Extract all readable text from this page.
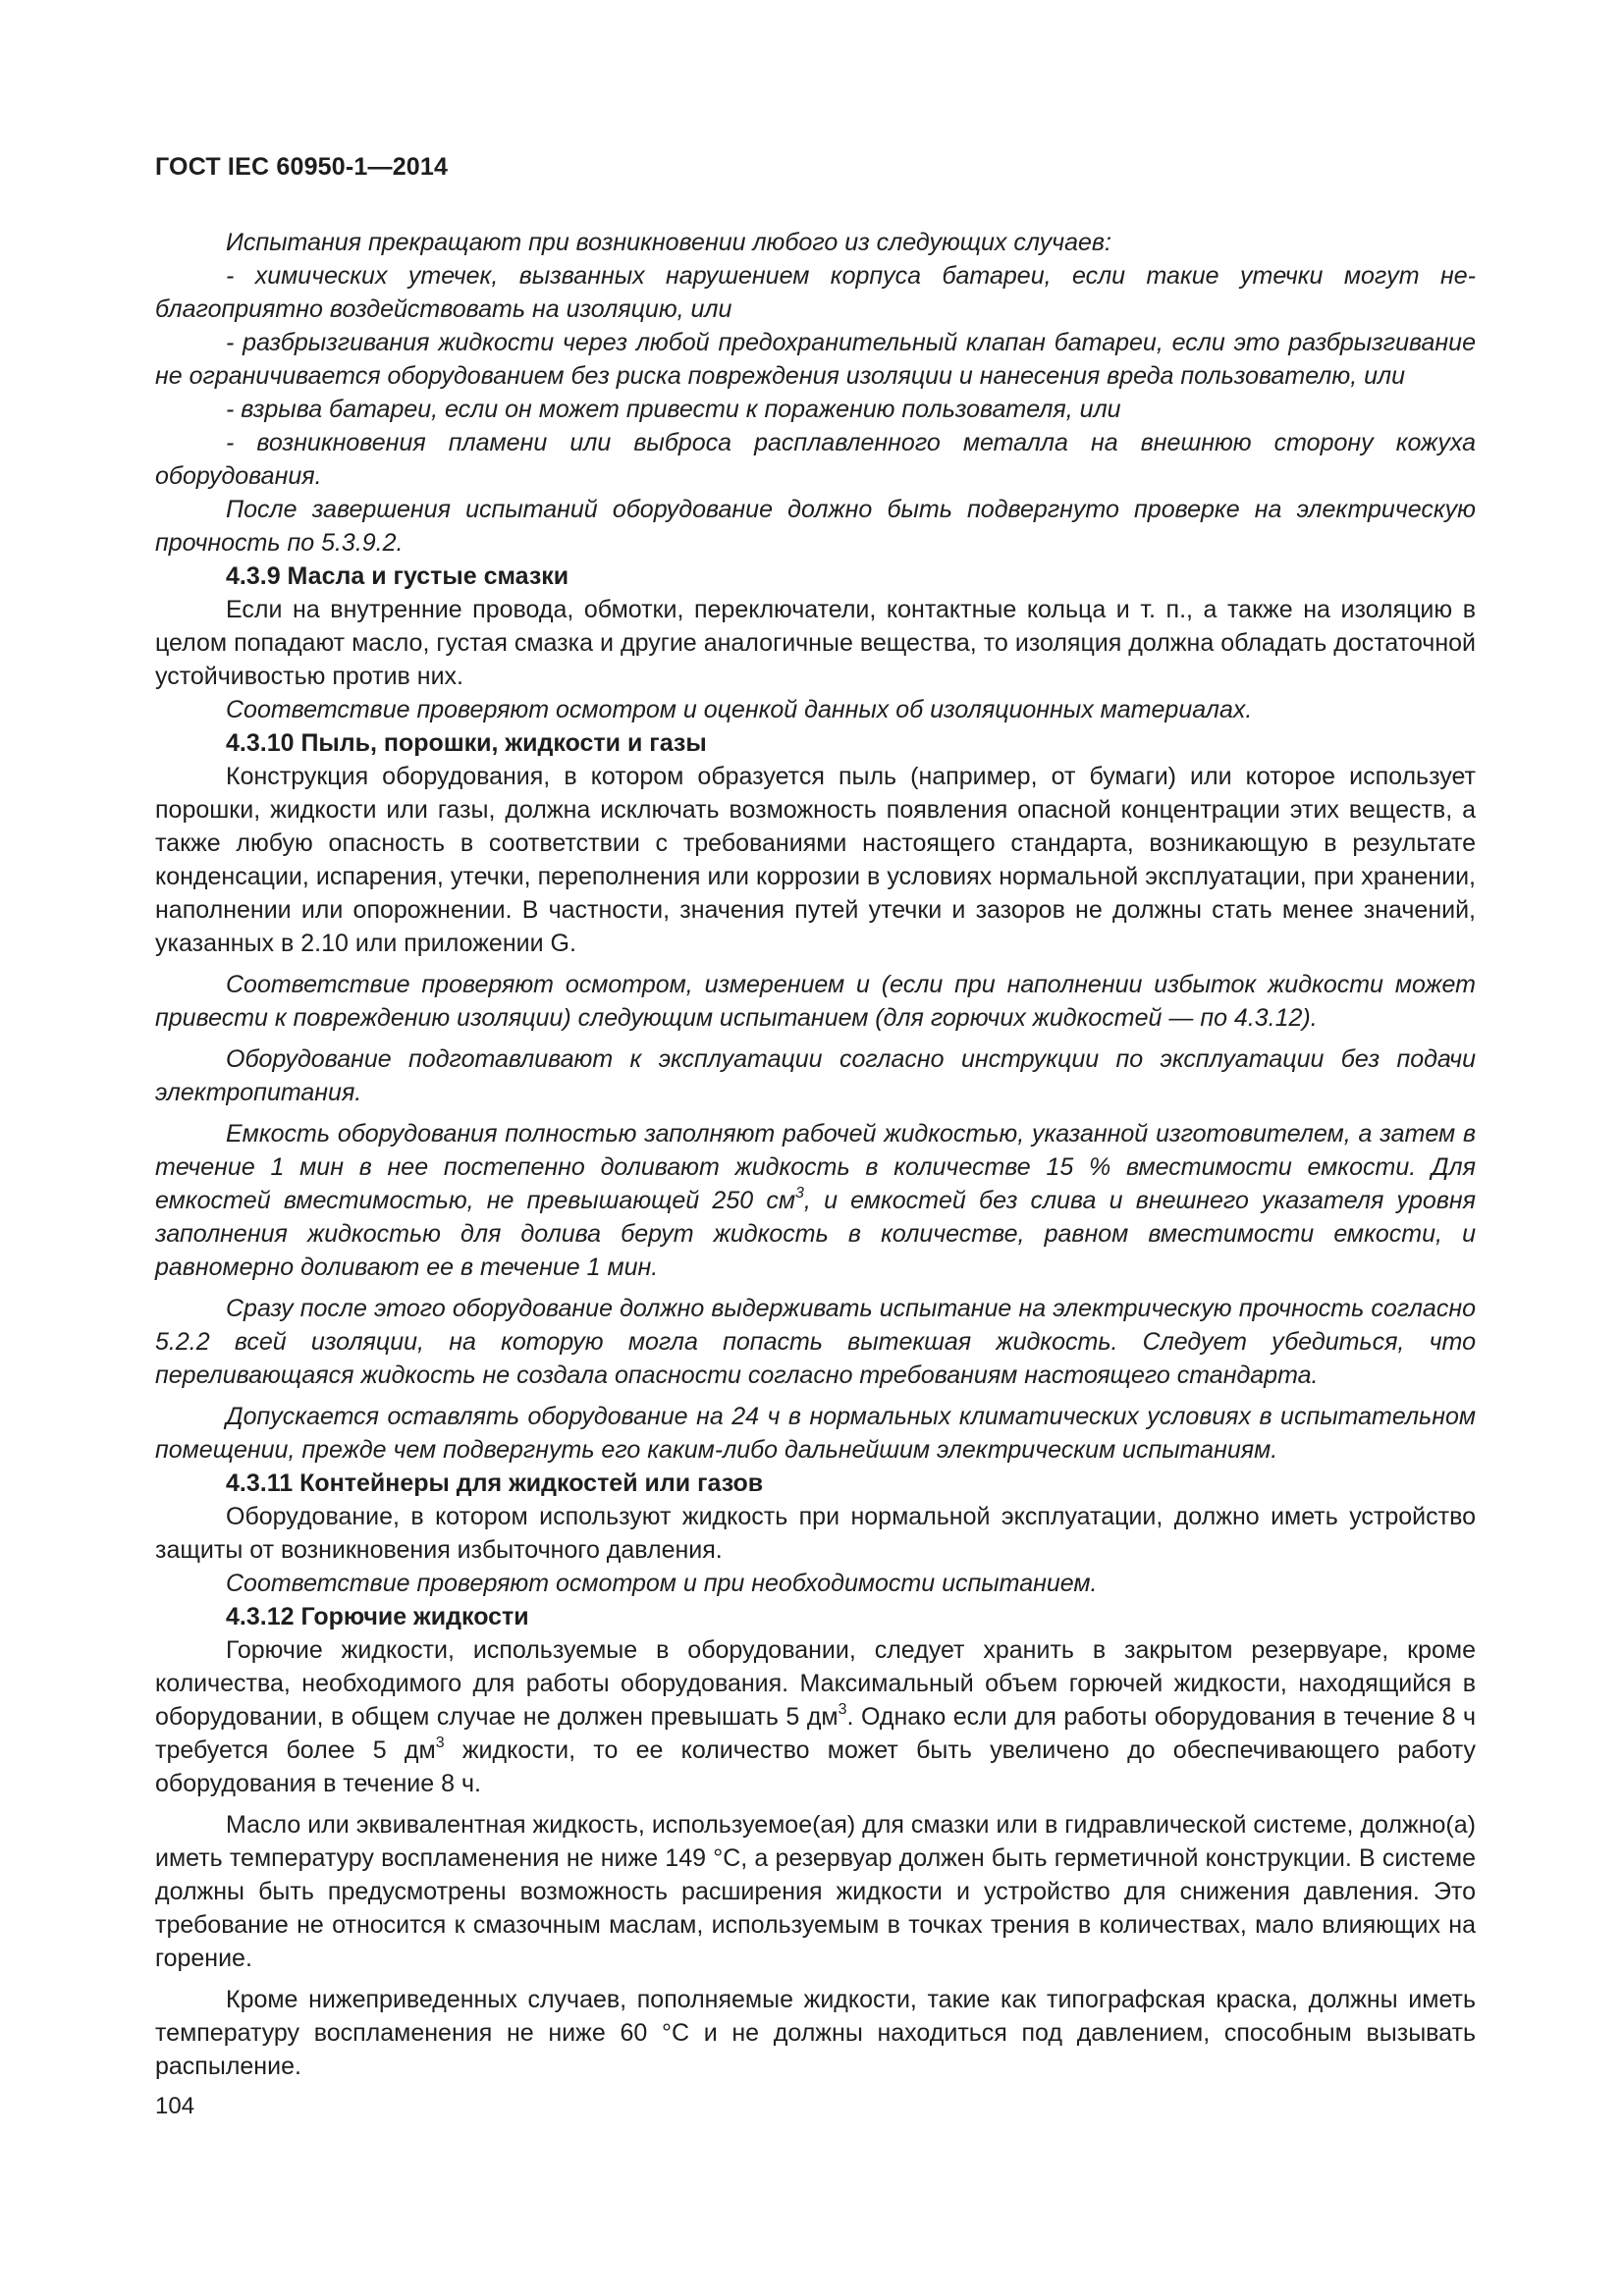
ГОСТ IEC 60950-1—2014

Испытания прекращают при возникновении любого из следующих случаев:

- химических утечек, вызванных нарушением корпуса батареи, если такие утечки могут неблагоприятно воздействовать на изоляцию, или

- разбрызгивания жидкости через любой предохранительный клапан батареи, если это разбрызгивание не ограничивается оборудованием без риска повреждения изоляции и нанесения вреда пользователю, или

- взрыва батареи, если он может привести к поражению пользователя, или

- возникновения пламени или выброса расплавленного металла на внешнюю сторону кожуха оборудования.

После завершения испытаний оборудование должно быть подвергнуто проверке на электрическую прочность по 5.3.9.2.

4.3.9 Масла и густые смазки

Если на внутренние провода, обмотки, переключатели, контактные кольца и т. п., а также на изоляцию в целом попадают масло, густая смазка и другие аналогичные вещества, то изоляция должна обладать достаточной устойчивостью против них.

Соответствие проверяют осмотром и оценкой данных об изоляционных материалах.

4.3.10 Пыль, порошки, жидкости и газы

Конструкция оборудования, в котором образуется пыль (например, от бумаги) или которое использует порошки, жидкости или газы, должна исключать возможность появления опасной концентрации этих веществ, а также любую опасность в соответствии с требованиями настоящего стандарта, возникающую в результате конденсации, испарения, утечки, переполнения или коррозии в условиях нормальной эксплуатации, при хранении, наполнении или опорожнении. В частности, значения путей утечки и зазоров не должны стать менее значений, указанных в 2.10 или приложении G.

Соответствие проверяют осмотром, измерением и (если при наполнении избыток жидкости может привести к повреждению изоляции) следующим испытанием (для горючих жидкостей — по 4.3.12).

Оборудование подготавливают к эксплуатации согласно инструкции по эксплуатации без подачи электропитания.

Емкость оборудования полностью заполняют рабочей жидкостью, указанной изготовителем, а затем в течение 1 мин в нее постепенно доливают жидкость в количестве 15 % вместимости емкости. Для емкостей вместимостью, не превышающей 250 $см^3$, и емкостей без слива и внешнего указателя уровня заполнения жидкостью для долива берут жидкость в количестве, равном вместимости емкости, и равномерно доливают ее в течение 1 мин.

Сразу после этого оборудование должно выдерживать испытание на электрическую прочность согласно 5.2.2 всей изоляции, на которую могла попасть вытекшая жидкость. Следует убедиться, что переливающаяся жидкость не создала опасности согласно требованиям настоящего стандарта.

Допускается оставлять оборудование на 24 ч в нормальных климатических условиях в испытательном помещении, прежде чем подвергнуть его каким-либо дальнейшим электрическим испытаниям.

4.3.11 Контейнеры для жидкостей или газов

Оборудование, в котором используют жидкость при нормальной эксплуатации, должно иметь устройство защиты от возникновения избыточного давления.

Соответствие проверяют осмотром и при необходимости испытанием.

4.3.12 Горючие жидкости

Горючие жидкости, используемые в оборудовании, следует хранить в закрытом резервуаре, кроме количества, необходимого для работы оборудования. Максимальный объем горючей жидкости, находящийся в оборудовании, в общем случае не должен превышать 5 $дм^3$. Однако если для работы оборудования в течение 8 ч требуется более 5 $дм^3$ жидкости, то ее количество может быть увеличено до обеспечивающего работу оборудования в течение 8 ч.

Масло или эквивалентная жидкость, используемое(ая) для смазки или в гидравлической системе, должно(а) иметь температуру воспламенения не ниже 149 °C, а резервуар должен быть герметичной конструкции. В системе должны быть предусмотрены возможность расширения жидкости и устройство для снижения давления. Это требование не относится к смазочным маслам, используемым в точках трения в количествах, мало влияющих на горение.

Кроме нижеприведенных случаев, пополняемые жидкости, такие как типографская краска, должны иметь температуру воспламенения не ниже 60 °C и не должны находиться под давлением, способным вызывать распыление.

104
